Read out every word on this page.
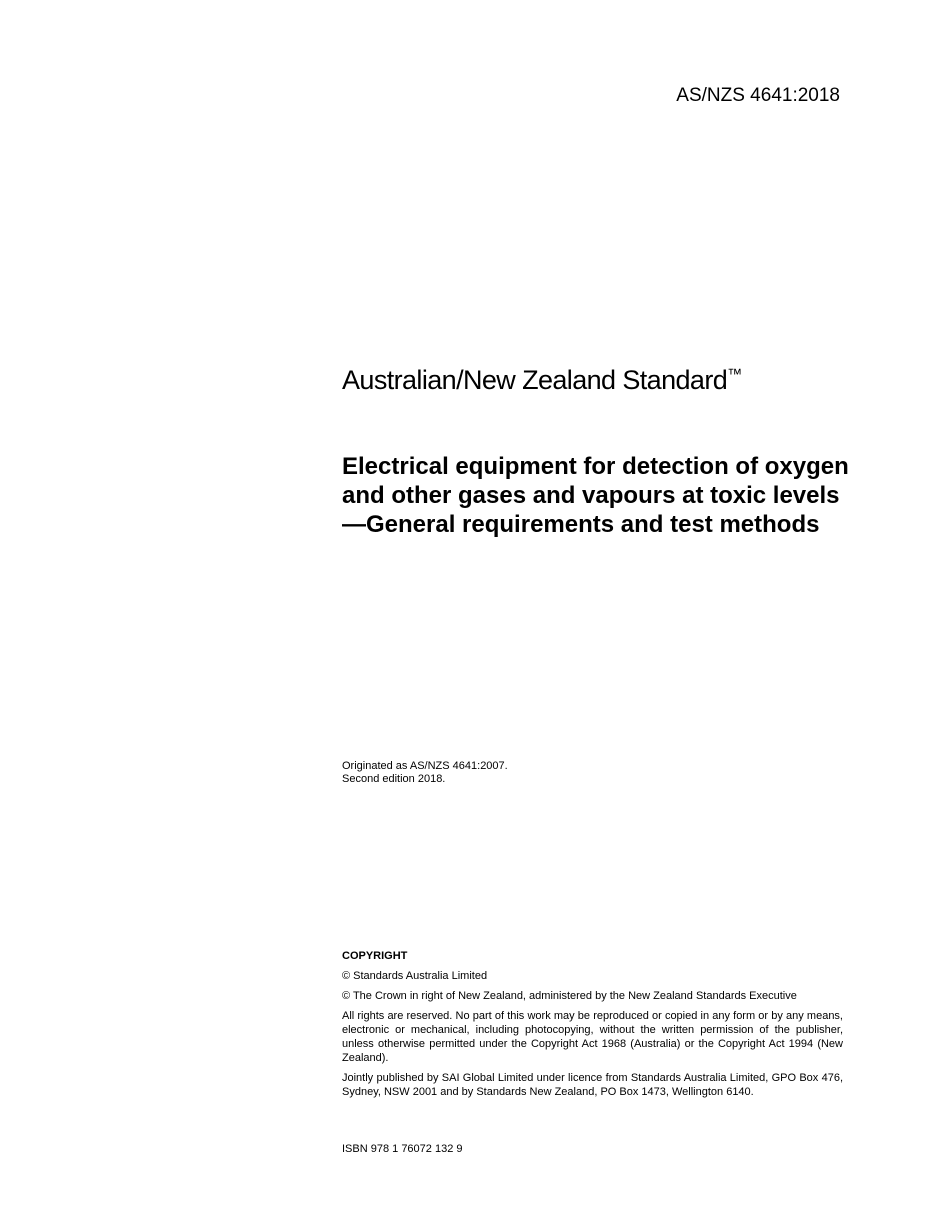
AS/NZS 4641:2018
Australian/New Zealand Standard™
Electrical equipment for detection of oxygen and other gases and vapours at toxic levels—General requirements and test methods
Originated as AS/NZS 4641:2007.
Second edition 2018.

COPYRIGHT

© Standards Australia Limited

© The Crown in right of New Zealand, administered by the New Zealand Standards Executive

All rights are reserved. No part of this work may be reproduced or copied in any form or by any means, electronic or mechanical, including photocopying, without the written permission of the publisher, unless otherwise permitted under the Copyright Act 1968 (Australia) or the Copyright Act 1994 (New Zealand).

Jointly published by SAI Global Limited under licence from Standards Australia Limited, GPO Box 476, Sydney, NSW 2001 and by Standards New Zealand, PO Box 1473, Wellington 6140.

ISBN 978 1 76072 132 9
